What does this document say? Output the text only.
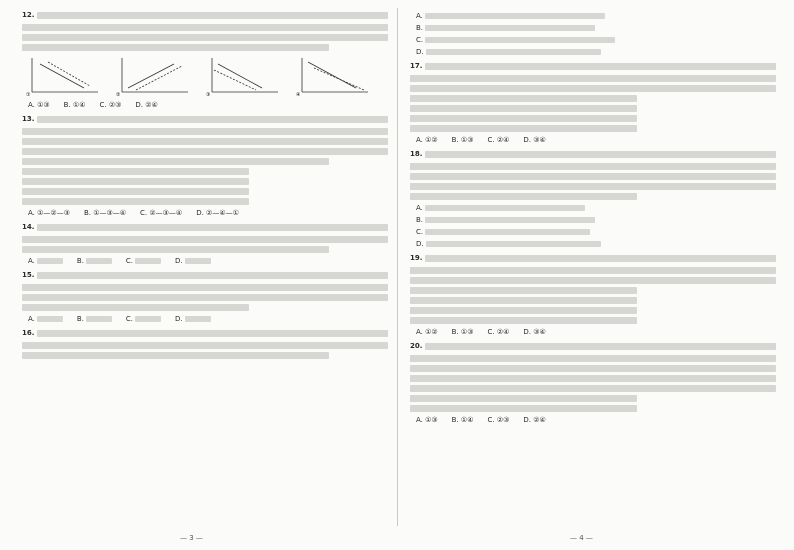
12.
①	②	③	④
A. ①③ B. ①④ C. ②③ D. ②④
13.
A. ①—②—③ B. ①—③—④ C. ②—③—④ D. ②—④—①
14.
A.	B.	C.	D.
15.
A.	B.	C.	D.
16.
A.
B.
C.
D.
17.
A. ①② B. ①③ C. ②④ D. ③④
18.
A.
B.
C.
D.
19.
A. ①② B. ①③ C. ②④ D. ③④
20.
A. ①③ B. ①④ C. ②③ D. ②④
— 3 —	— 4 —
